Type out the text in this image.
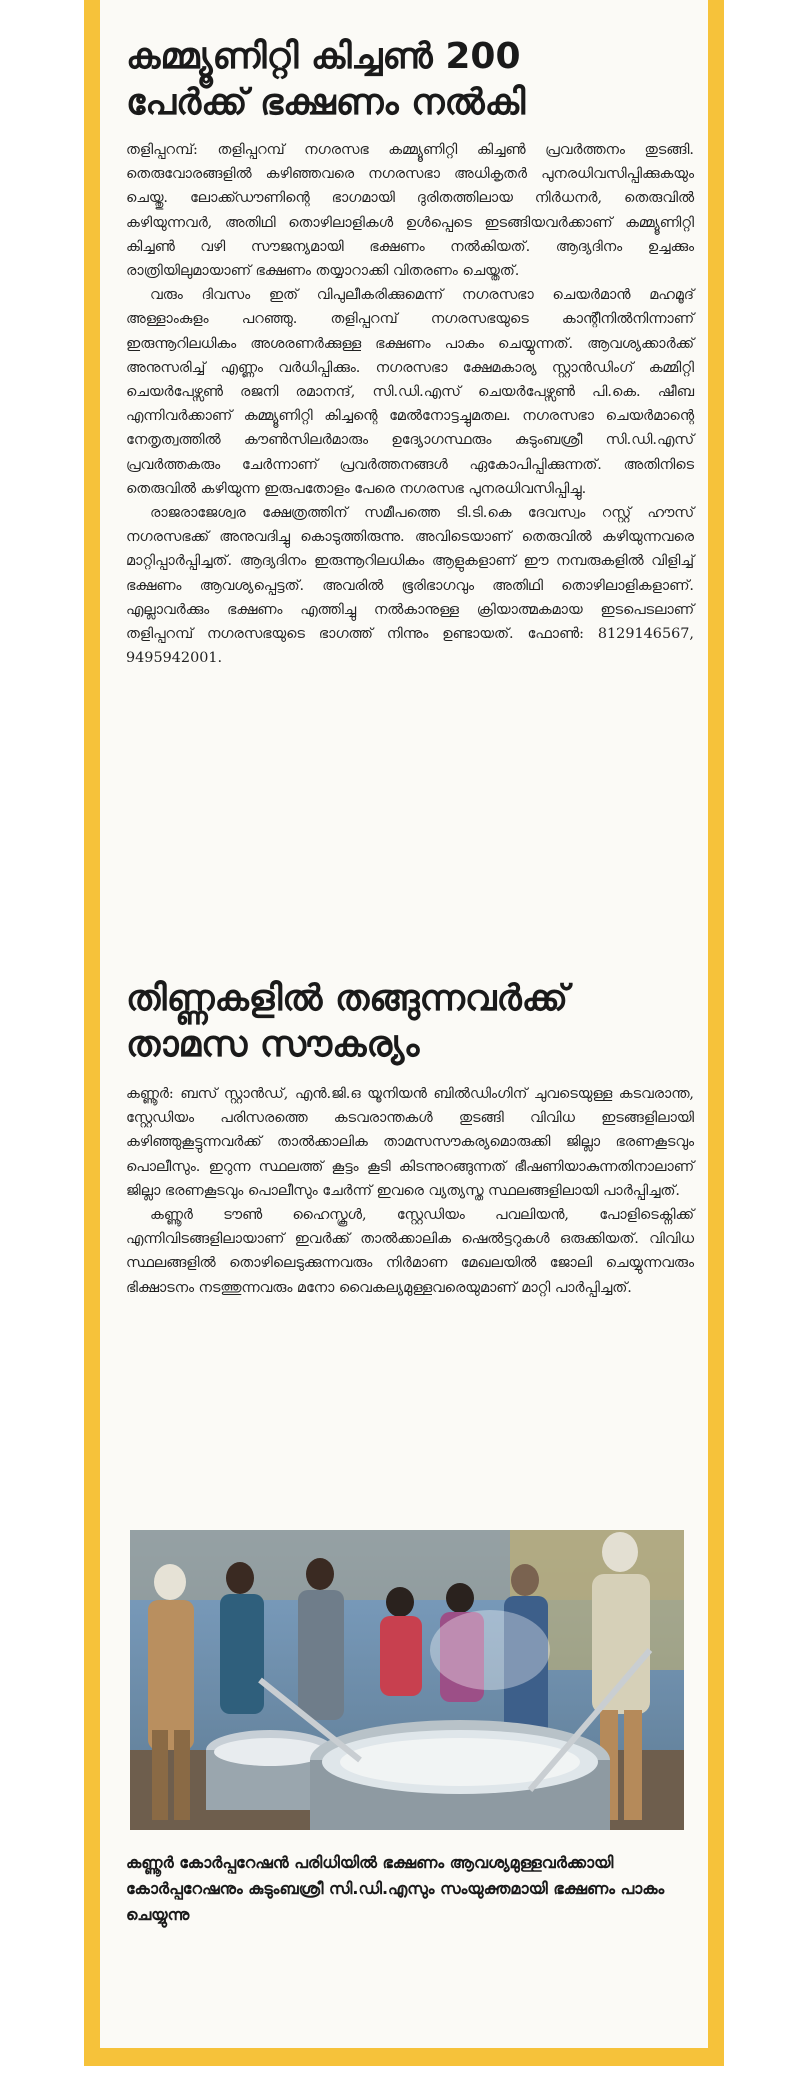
കമ്മ്യൂണിറ്റി കിച്ചൺ 200
പേർക്ക് ഭക്ഷണം നൽകി

തളിപ്പറമ്പ്: തളിപ്പറമ്പ് നഗരസഭ കമ്മ്യൂണിറ്റി കിച്ചൺ പ്രവർത്തനം തുടങ്ങി. തെരുവോരങ്ങളിൽ കഴിഞ്ഞവരെ നഗരസഭാ അധികൃതർ പുനരധിവസിപ്പിക്കുകയും ചെയ്തു. ലോക്ക്ഡൗണിന്റെ ഭാഗമായി ദുരിതത്തിലായ നിർധനർ, തെരുവിൽ കഴിയുന്നവർ, അതിഥി തൊഴിലാളികൾ ഉൾപ്പെടെ ഇടങ്ങിയവർക്കാണ് കമ്മ്യൂണിറ്റി കിച്ചൺ വഴി സൗജന്യമായി ഭക്ഷണം നൽകിയത്. ആദ്യദിനം ഉച്ചക്കും രാത്രിയിലുമായാണ് ഭക്ഷണം തയ്യാറാക്കി വിതരണം ചെയ്തത്.

വരും ദിവസം ഇത് വിപുലീകരിക്കുമെന്ന് നഗരസഭാ ചെയർമാൻ മഹമൂദ് അള്ളാംകുളം പറഞ്ഞു. തളിപ്പറമ്പ് നഗരസഭയുടെ കാന്റീനിൽനിന്നാണ് ഇരുന്നൂറിലധികം അശരണർക്കുള്ള ഭക്ഷണം പാകം ചെയ്യുന്നത്. ആവശ്യക്കാർക്ക് അനുസരിച്ച് എണ്ണം വർധിപ്പിക്കും. നഗരസഭാ ക്ഷേമകാര്യ സ്റ്റാൻഡിംഗ് കമ്മിറ്റി ചെയർപേഴ്സൺ രജനി രമാനന്ദ്, സി.ഡി.എസ് ചെയർപേഴ്സൺ പി.കെ. ഷീബ എന്നിവർക്കാണ് കമ്മ്യൂണിറ്റി കിച്ചന്റെ മേൽനോട്ടച്ചുമതല. നഗരസഭാ ചെയർമാന്റെ നേതൃത്വത്തിൽ കൗൺസിലർമാരും ഉദ്യോഗസ്ഥരും കുടുംബശ്രീ സി.ഡി.എസ് പ്രവർത്തകരും ചേർന്നാണ് പ്രവർത്തനങ്ങൾ ഏകോപിപ്പിക്കുന്നത്. അതിനിടെ തെരുവിൽ കഴിയുന്ന ഇരുപതോളം പേരെ നഗരസഭ പുനരധിവസിപ്പിച്ചു.

രാജരാജേശ്വര ക്ഷേത്രത്തിന് സമീപത്തെ ടി.ടി.കെ ദേവസ്വം റസ്റ്റ് ഹൗസ് നഗരസഭക്ക് അനുവദിച്ചു കൊടുത്തിരുന്നു. അവിടെയാണ് തെരുവിൽ കഴിയുന്നവരെ മാറ്റിപ്പാർപ്പിച്ചത്. ആദ്യദിനം ഇരുന്നൂറിലധികം ആളുകളാണ് ഈ നമ്പരുകളിൽ വിളിച്ച് ഭക്ഷണം ആവശ്യപ്പെട്ടത്. അവരിൽ ഭൂരിഭാഗവും അതിഥി തൊഴിലാളികളാണ്. എല്ലാവർക്കും ഭക്ഷണം എത്തിച്ചു നൽകാനുള്ള ക്രിയാത്മകമായ ഇടപെടലാണ് തളിപ്പറമ്പ് നഗരസഭയുടെ ഭാഗത്ത് നിന്നും ഉണ്ടായത്. ഫോൺ: 8129146567, 9495942001.

തിണ്ണകളിൽ തങ്ങുന്നവർക്ക്
താമസ സൗകര്യം

കണ്ണൂർ: ബസ് സ്റ്റാൻഡ്, എൻ.ജി.ഒ യൂനിയൻ ബിൽഡിംഗിന് ചുവടെയുള്ള കടവരാന്ത, സ്റ്റേഡിയം പരിസരത്തെ കടവരാന്തകൾ തുടങ്ങി വിവിധ ഇടങ്ങളിലായി കഴിഞ്ഞുകൂട്ടുന്നവർക്ക് താൽക്കാലിക താമസസൗകര്യമൊരുക്കി ജില്ലാ ഭരണകൂടവും പൊലീസും. ഇറുന്ന സ്ഥലത്ത് കൂട്ടം കൂടി കിടന്നുറങ്ങുന്നത് ഭീഷണിയാകുന്നതിനാലാണ് ജില്ലാ ഭരണകൂടവും പൊലീസും ചേർന്ന് ഇവരെ വ്യത്യസ്ത സ്ഥലങ്ങളിലായി പാർപ്പിച്ചത്.

കണ്ണൂർ ടൗൺ ഹൈസ്കൂൾ, സ്റ്റേഡിയം പവലിയൻ, പോളിടെക്നിക്ക് എന്നിവിടങ്ങളിലായാണ് ഇവർക്ക് താൽക്കാലിക ഷെൽട്ടറുകൾ ഒരുക്കിയത്. വിവിധ സ്ഥലങ്ങളിൽ തൊഴിലെടുക്കുന്നവരും നിർമാണ മേഖലയിൽ ജോലി ചെയ്യുന്നവരും ഭിക്ഷാടനം നടത്തുന്നവരും മനോ വൈകല്യമുള്ളവരെയുമാണ് മാറ്റി പാർപ്പിച്ചത്.

കണ്ണൂർ കോർപ്പറേഷൻ പരിധിയിൽ ഭക്ഷണം ആവശ്യമുള്ളവർക്കായി കോർപ്പറേഷനും കുടുംബശ്രീ സി.ഡി.എസും സംയുക്തമായി ഭക്ഷണം പാകം ചെയ്യുന്നു
